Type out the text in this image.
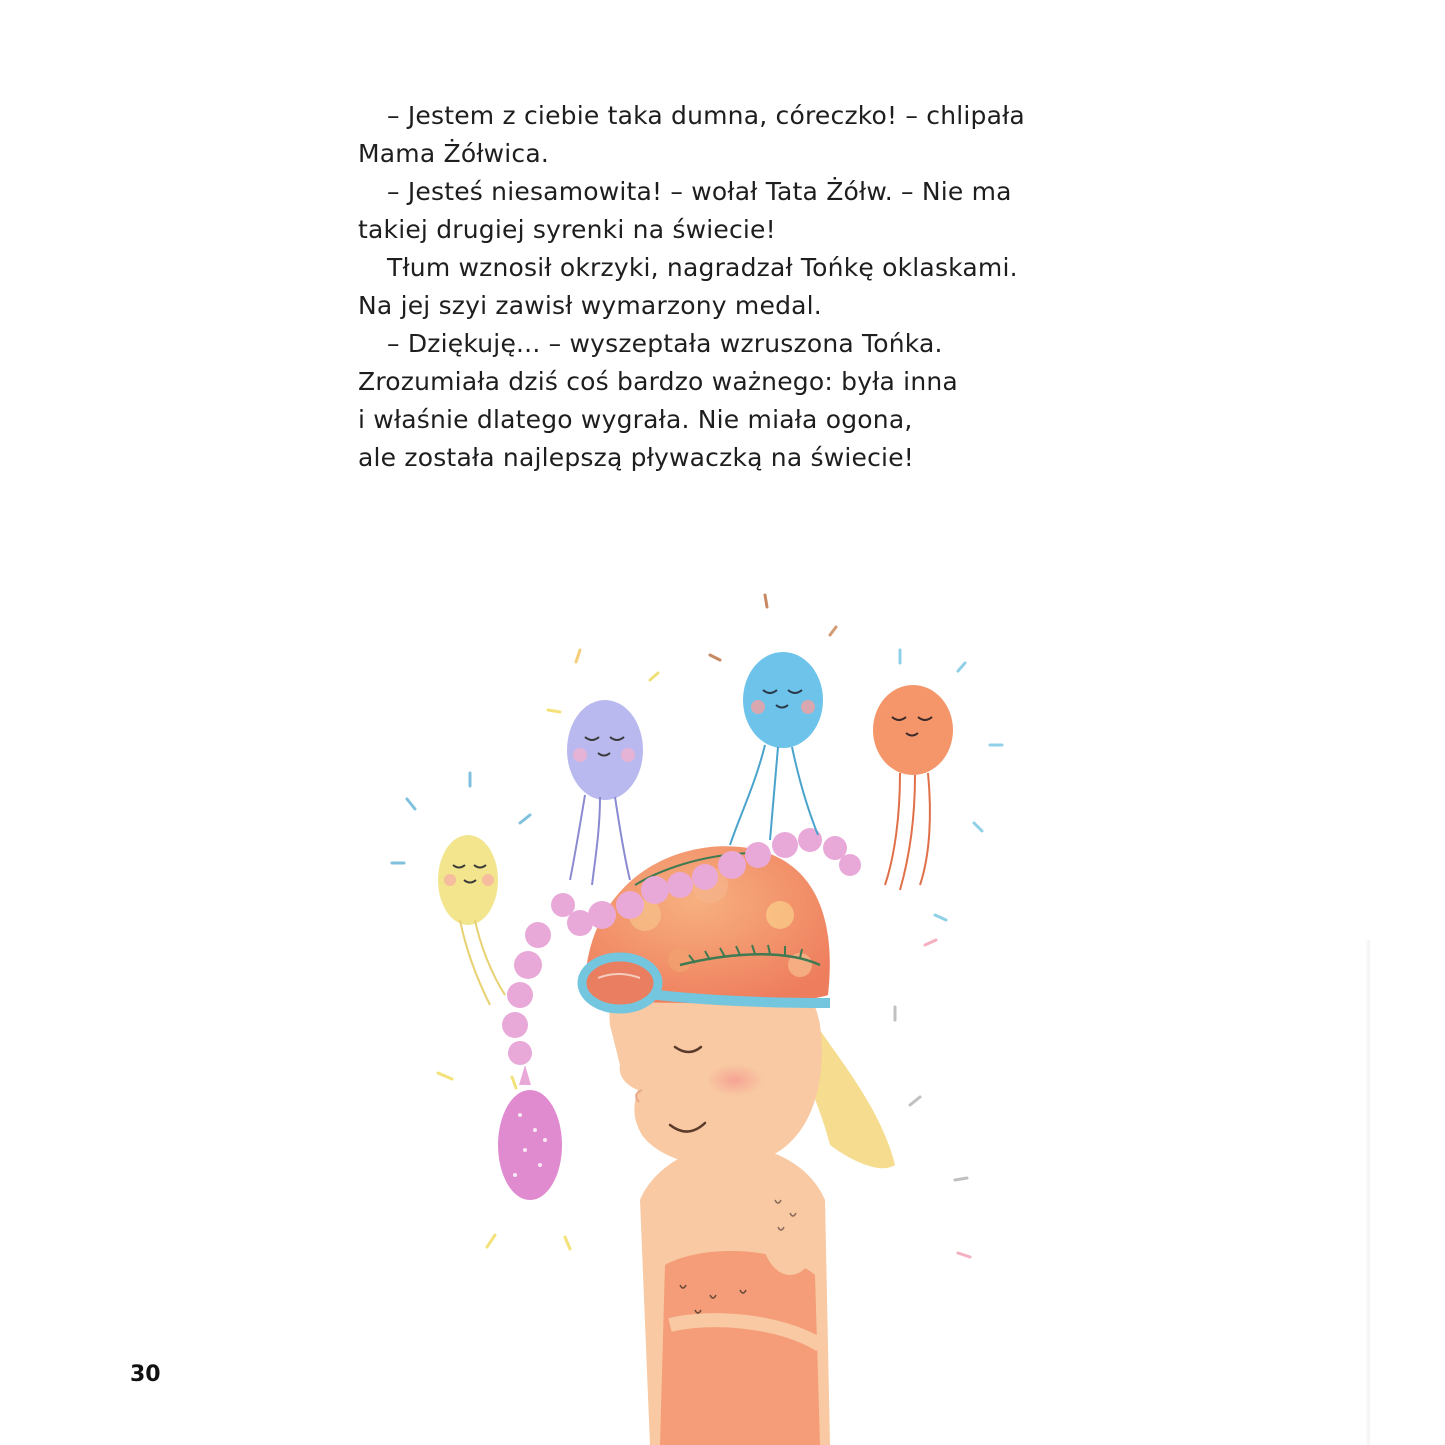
– Jestem z ciebie taka dumna, córeczko! – chlipała
Mama Żółwica.
– Jesteś niesamowita! – wołał Tata Żółw. – Nie ma
takiej drugiej syrenki na świecie!
Tłum wznosił okrzyki, nagradzał Tońkę oklaskami.
Na jej szyi zawisł wymarzony medal.
– Dziękuję... – wyszeptała wzruszona Tońka.
Zrozumiała dziś coś bardzo ważnego: była inna
i właśnie dlatego wygrała. Nie miała ogona,
ale została najlepszą pływaczką na świecie!
30
